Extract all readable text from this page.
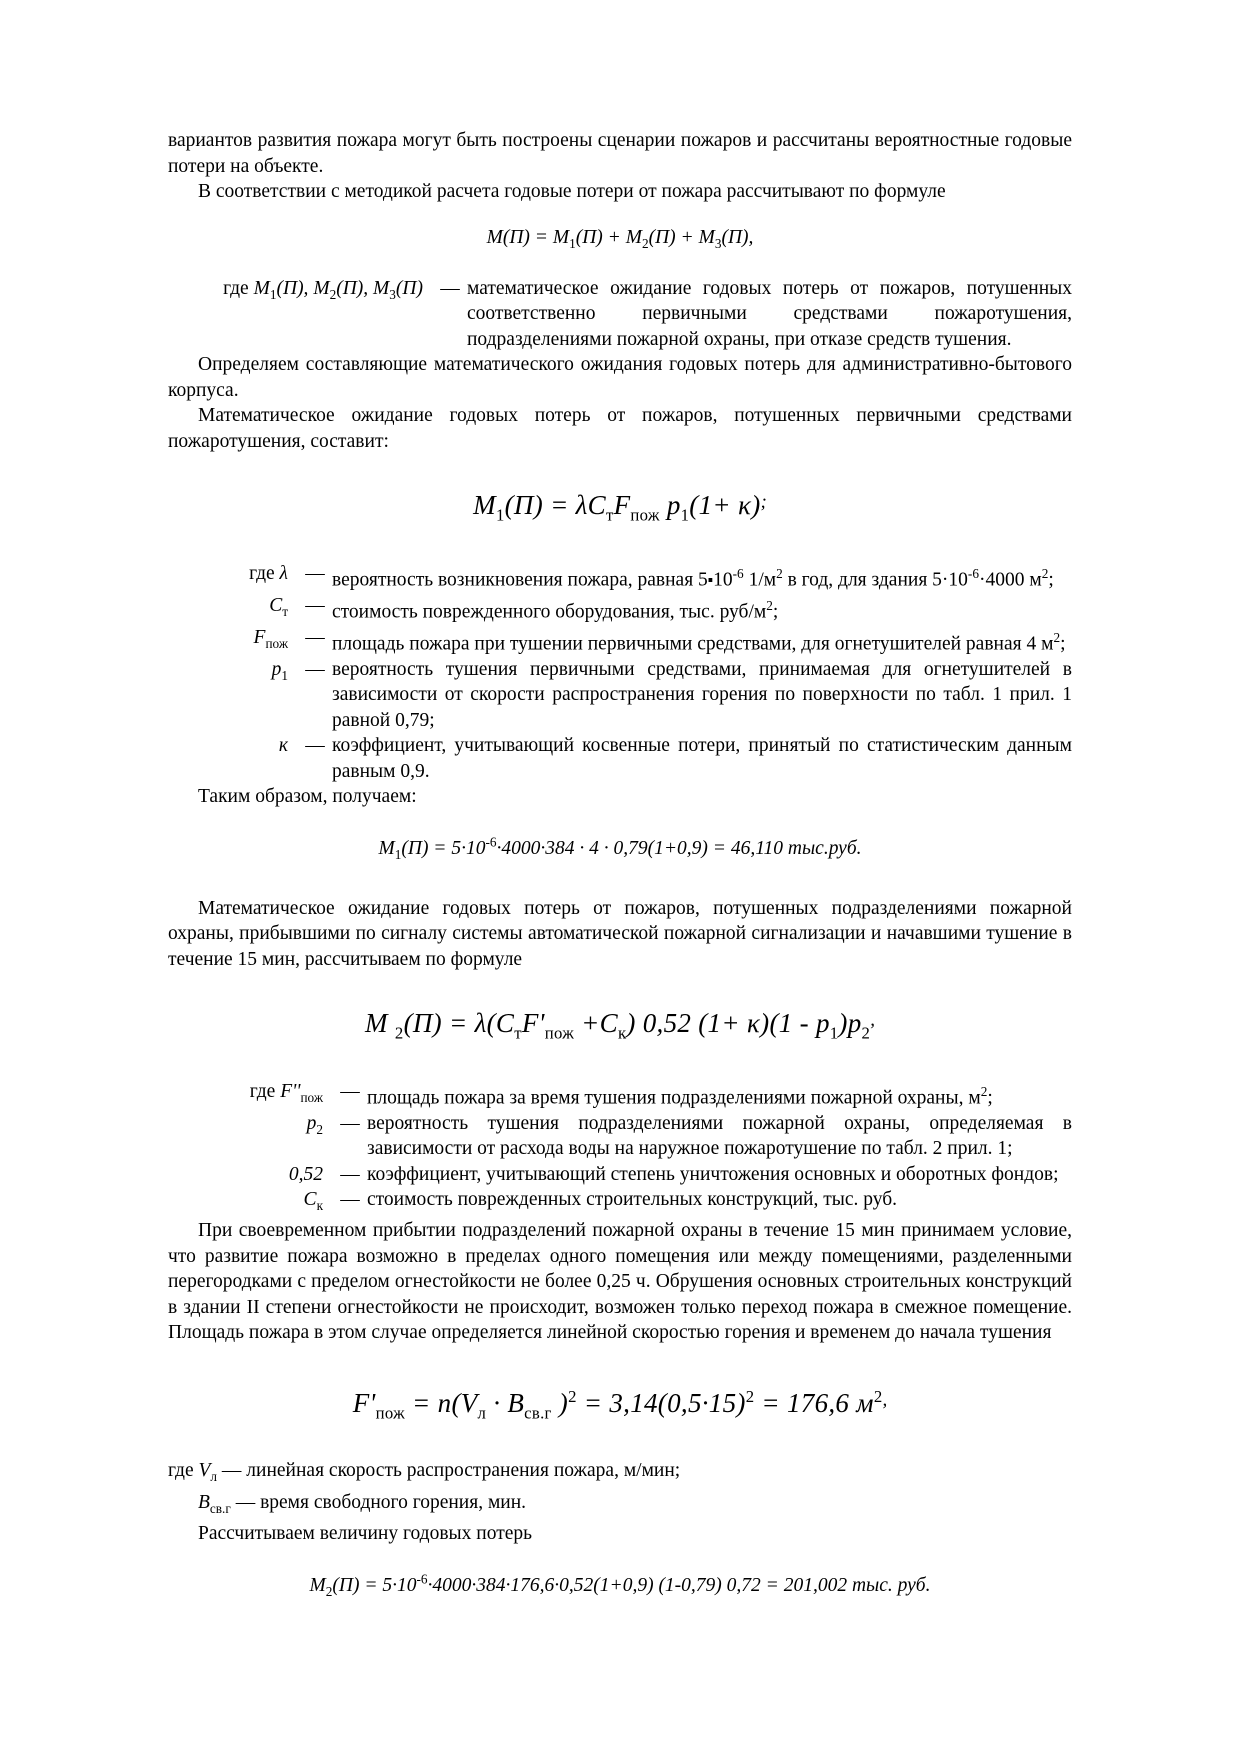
вариантов развития пожара могут быть построены сценарии пожаров и рассчитаны вероятностные годовые потери на объекте.

В соответствии с методикой расчета годовые потери от пожара рассчитывают по формуле

$M(П) = M_1(П) + M_2(П) + M_3(П)$,
где $M_1(П)$, $M_2(П)$, $M_3(П)$	—	математическое ожидание годовых потерь от пожаров, потушенных соответственно первичными средствами пожаротушения, подразделениями пожарной охраны, при отказе средств тушения.

Определяем составляющие математического ожидания годовых потерь для административно-бытового корпуса.

Математическое ожидание годовых потерь от пожаров, потушенных первичными средствами пожаротушения, составит:

$M_1(П) = \lambda C_тF_{пож}$ $p_1(1+ \kappa)$;
где λ	—	вероятность возникновения пожара, равная $5⬝10^{-6}$ $1/м^2$ в год, для здания $5\cdot 10^{-6}\cdot 4000$ $м^2$;
$C_т$	—	стоимость поврежденного оборудования, тыс. руб/$м^2$;
$F_{пож}$	—	площадь пожара при тушении первичными средствами, для огнетушителей равная 4 $м^2$;
$p_1$	—	вероятность тушения первичными средствами, принимаемая для огнетушителей в зависимости от скорости распространения горения по поверхности по табл. 1 прил. 1 равной 0,79;
к	—	коэффициент, учитывающий косвенные потери, принятый по статистическим данным равным 0,9.

Таким образом, получаем:

$M_1(П) = 5\cdot 10^{-6}\cdot 4000\cdot 384 \cdot 4 \cdot 0,79(1+0,9) = 46,110$ тыс.руб.

Математическое ожидание годовых потерь от пожаров, потушенных подразделениями пожарной охраны, прибывшими по сигналу системы автоматической пожарной сигнализации и начавшими тушение в течение 15 мин, рассчитываем по формуле

M $_2(П) = \lambda(C_тF'_{пож} +C_к)$ 0,52 $(1+ \kappa)(1 - p_1)p_2$,
где $F''_{пож}$	—	площадь пожара за время тушения подразделениями пожарной охраны, $м^2$;
$p_2$	—	вероятность тушения подразделениями пожарной охраны, определяемая в зависимости от расхода воды на наружное пожаротушение по табл. 2 прил. 1;
0,52	—	коэффициент, учитывающий степень уничтожения основных и оборотных фондов;
$C_к$	—	стоимость поврежденных строительных конструкций, тыс. руб.

При своевременном прибытии подразделений пожарной охраны в течение 15 мин принимаем условие, что развитие пожара возможно в пределах одного помещения или между помещениями, разделенными перегородками с пределом огнестойкости не более 0,25 ч. Обрушения основных строительных конструкций в здании II степени огнестойкости не происходит, возможен только переход пожара в смежное помещение. Площадь пожара в этом случае определяется линейной скоростью горения и временем до начала тушения

$F'_{пож} = n(V_л \cdot B_{св.г}$ )$^2 = 3,14(0,5\cdot 15)^2 = 176,6$ $м^2$,

где $V_л$ — линейная скорость распространения пожара, м/мин;

$B_{св.г}$ — время свободного горения, мин.

Рассчитываем величину годовых потерь

$M_2(П) = 5\cdot 10^{-6}\cdot 4000\cdot 384\cdot 176,6\cdot 0,52(1+0,9)$ (1-0,79) 0,72 = 201,002 тыс. руб.
